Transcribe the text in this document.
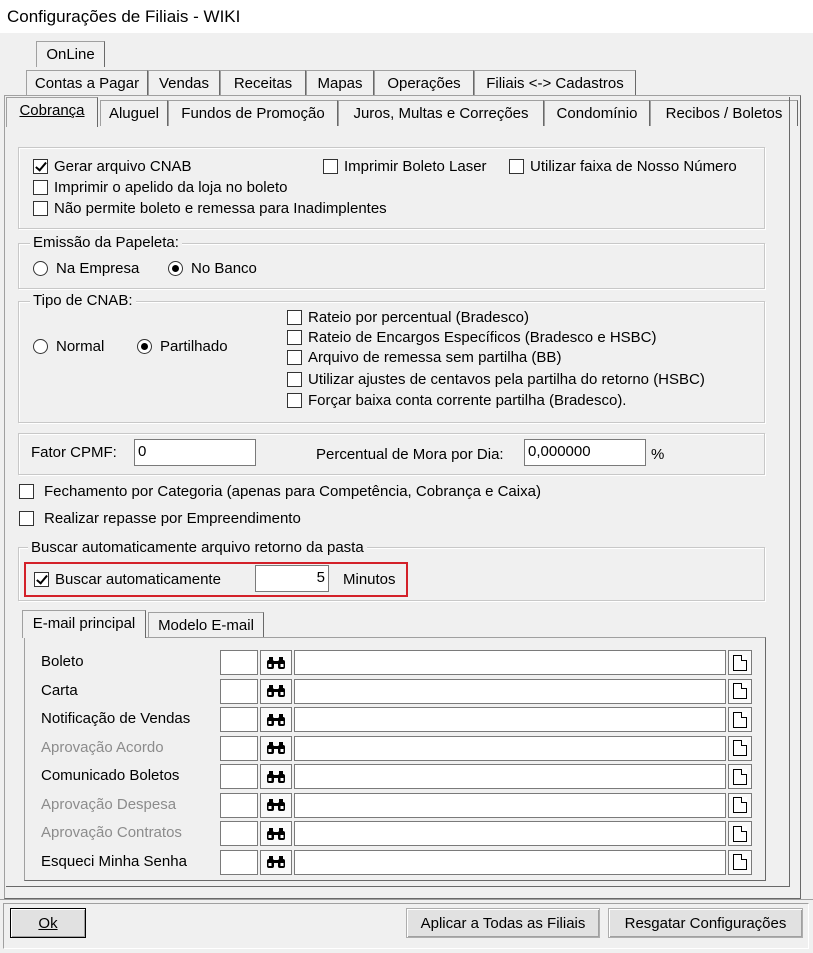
Configurações de Filiais - WIKI
OnLine
Contas a Pagar	Vendas	Receitas	Mapas	Operações	Filiais <-> Cadastros
Cobrança	Aluguel	Fundos de Promoção	Juros, Multas e Correções	Condomínio	Recibos / Boletos
Gerar arquivo CNAB	Imprimir Boleto Laser	Utilizar faixa de Nosso Número
Imprimir o apelido da loja no boleto
Não permite boleto e remessa para Inadimplentes
Emissão da Papeleta:
Na Empresa	No Banco
Tipo de CNAB:
Normal	Partilhado
Rateio por percentual (Bradesco)
Rateio de Encargos Específicos (Bradesco e HSBC)
Arquivo de remessa sem partilha (BB)
Utilizar ajustes de centavos pela partilha do retorno (HSBC)
Forçar baixa conta corrente partilha (Bradesco).
Fator CPMF: 0	Percentual de Mora por Dia: 0,000000	%
Fechamento por Categoria (apenas para Competência, Cobrança e Caixa)
Realizar repasse por Empreendimento
Buscar automaticamente arquivo retorno da pasta
Buscar automaticamente	5 Minutos
E-mail principal	Modelo E-mail
Boleto
Carta
Notificação de Vendas
Aprovação Acordo
Comunicado Boletos
Aprovação Despesa
Aprovação Contratos
Esqueci Minha Senha
Ok	Aplicar a Todas as Filiais	Resgatar Configurações
